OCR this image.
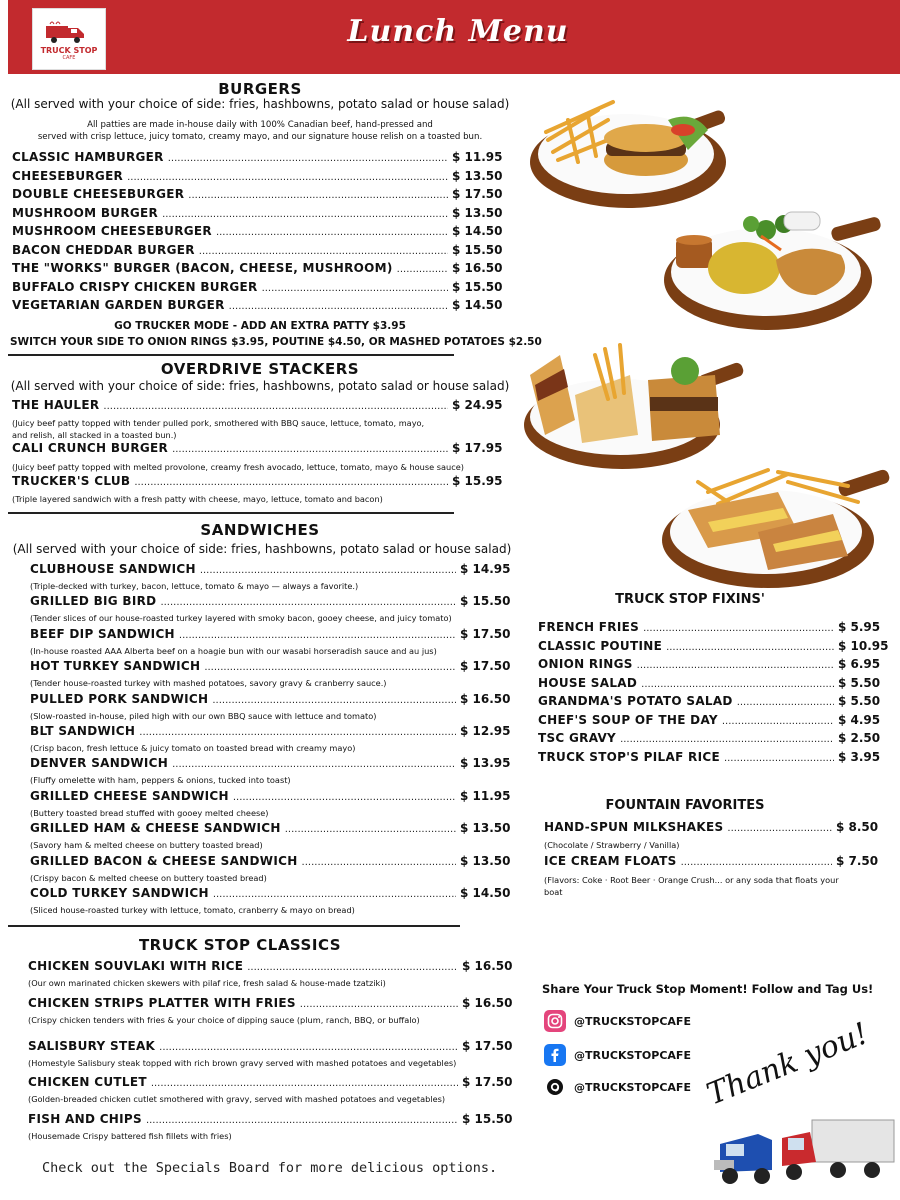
TRUCK STOP
CAFE
Lunch Menu
BURGERS
(All served with your choice of side: fries, hashbowns, potato salad or house salad)
All patties are made in-house daily with 100% Canadian beef, hand-pressed and
served with crisp lettuce, juicy tomato, creamy mayo, and our signature house relish on a toasted bun.
CLASSIC HAMBURGER .....	$ 11.95
CHEESEBURGER .....	$ 13.50
DOUBLE CHEESEBURGER .....	$ 17.50
MUSHROOM BURGER .....	$ 13.50
MUSHROOM CHEESEBURGER .....	$ 14.50
BACON CHEDDAR BURGER .....	$ 15.50
THE "WORKS" BURGER (BACON, CHEESE, MUSHROOM) .....	$ 16.50
BUFFALO CRISPY CHICKEN BURGER .....	$ 15.50
VEGETARIAN GARDEN BURGER .....	$ 14.50
GO TRUCKER MODE - ADD AN EXTRA PATTY $3.95
SWITCH YOUR SIDE TO ONION RINGS $3.95, POUTINE $4.50, OR MASHED POTATOES $2.50
OVERDRIVE STACKERS
(All served with your choice of side: fries, hashbowns, potato salad or house salad)
THE HAULER .....	$ 24.95
(Juicy beef patty topped with tender pulled pork, smothered with BBQ sauce, lettuce, tomato, mayo, and relish, all stacked in a toasted bun.)
CALI CRUNCH BURGER .....	$ 17.95
(Juicy beef patty topped with melted provolone, creamy fresh avocado, lettuce, tomato, mayo & house sauce)
TRUCKER'S CLUB .....	$ 15.95
(Triple layered sandwich with a fresh patty with cheese, mayo, lettuce, tomato and bacon)
SANDWICHES
(All served with your choice of side: fries, hashbowns, potato salad or house salad)
CLUBHOUSE SANDWICH .....	$ 14.95
(Triple-decked with turkey, bacon, lettuce, tomato & mayo — always a favorite.)
GRILLED BIG BIRD .....	$ 15.50
(Tender slices of our house-roasted turkey layered with smoky bacon, gooey cheese, and juicy tomato)
BEEF DIP SANDWICH .....	$ 17.50
(In-house roasted AAA Alberta beef on a hoagie bun with our wasabi horseradish sauce and au jus)
HOT TURKEY SANDWICH .....	$ 17.50
(Tender house-roasted turkey with mashed potatoes, savory gravy & cranberry sauce.)
PULLED PORK SANDWICH .....	$ 16.50
(Slow-roasted in-house, piled high with our own BBQ sauce with lettuce and tomato)
BLT SANDWICH .....	$ 12.95
(Crisp bacon, fresh lettuce & juicy tomato on toasted bread with creamy mayo)
DENVER SANDWICH .....	$ 13.95
(Fluffy omelette with ham, peppers & onions, tucked into toast)
GRILLED CHEESE SANDWICH .....	$ 11.95
(Buttery toasted bread stuffed with gooey melted cheese)
GRILLED HAM & CHEESE SANDWICH .....	$ 13.50
(Savory ham & melted cheese on buttery toasted bread)
GRILLED BACON & CHEESE SANDWICH .....	$ 13.50
(Crispy bacon & melted cheese on buttery toasted bread)
COLD TURKEY SANDWICH .....	$ 14.50
(Sliced house-roasted turkey with lettuce, tomato, cranberry & mayo on bread)
TRUCK STOP CLASSICS
CHICKEN SOUVLAKI WITH RICE .....	$ 16.50
(Our own marinated chicken skewers with pilaf rice, fresh salad & house-made tzatziki)
CHICKEN STRIPS PLATTER WITH FRIES .....	$ 16.50
(Crispy chicken tenders with fries & your choice of dipping sauce (plum, ranch, BBQ, or buffalo)
SALISBURY STEAK .....	$ 17.50
(Homestyle Salisbury steak topped with rich brown gravy served with mashed potatoes and vegetables)
CHICKEN CUTLET .....	$ 17.50
(Golden-breaded chicken cutlet smothered with gravy, served with mashed potatoes and vegetables)
FISH AND CHIPS .....	$ 15.50
(Housemade Crispy battered fish fillets with fries)
TRUCK STOP FIXINS'
FRENCH FRIES .....	$ 5.95
CLASSIC POUTINE .....	$ 10.95
ONION RINGS .....	$ 6.95
HOUSE SALAD .....	$ 5.50
GRANDMA'S POTATO SALAD .....	$ 5.50
CHEF'S SOUP OF THE DAY .....	$ 4.95
TSC GRAVY .....	$ 2.50
TRUCK STOP'S PILAF RICE .....	$ 3.95
FOUNTAIN FAVORITES
HAND-SPUN MILKSHAKES .....	$ 8.50
(Chocolate / Strawberry / Vanilla)
ICE CREAM FLOATS .....	$ 7.50
(Flavors: Coke · Root Beer · Orange Crush... or any soda that floats your boat
Share Your Truck Stop Moment! Follow and Tag Us!
@TRUCKSTOPCAFE
@TRUCKSTOPCAFE
@TRUCKSTOPCAFE Thank you!
Check out the Specials Board for more delicious options.
